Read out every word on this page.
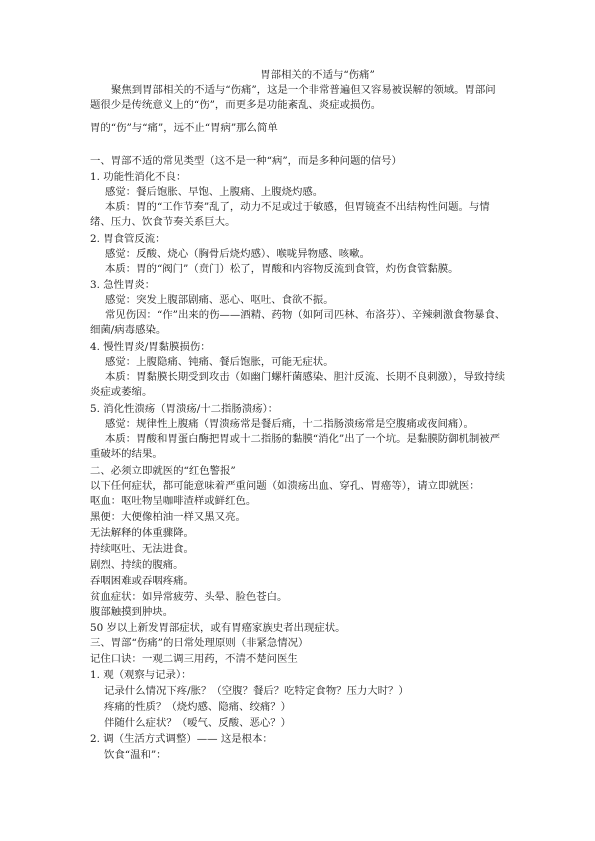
胃部相关的不适与“伤痛”
聚焦到胃部相关的不适与“伤痛”，这是一个非常普遍但又容易被误解的领域。胃部问题很少是传统意义上的“伤”，而更多是功能紊乱、炎症或损伤。
胃的“伤”与“痛”，远不止“胃病”那么简单
一、胃部不适的常见类型（这不是一种“病”，而是多种问题的信号）
1. 功能性消化不良：
感觉：餐后饱胀、早饱、上腹痛、上腹烧灼感。
本质：胃的“工作节奏”乱了，动力不足或过于敏感，但胃镜查不出结构性问题。与情绪、压力、饮食节奏关系巨大。
2. 胃食管反流：
感觉：反酸、烧心（胸骨后烧灼感）、喉咙异物感、咳嗽。
本质：胃的“阀门”（贲门）松了，胃酸和内容物反流到食管，灼伤食管黏膜。
3. 急性胃炎：
感觉：突发上腹部剧痛、恶心、呕吐、食欲不振。
常见伤因：“作”出来的伤——酒精、药物（如阿司匹林、布洛芬）、辛辣刺激食物暴食、细菌/病毒感染。
4. 慢性胃炎/胃黏膜损伤：
感觉：上腹隐痛、钝痛、餐后饱胀，可能无症状。
本质：胃黏膜长期受到攻击（如幽门螺杆菌感染、胆汁反流、长期不良刺激），导致持续炎症或萎缩。
5. 消化性溃疡（胃溃疡/十二指肠溃疡）：
感觉：规律性上腹痛（胃溃疡常是餐后痛，十二指肠溃疡常是空腹痛或夜间痛）。
本质：胃酸和胃蛋白酶把胃或十二指肠的黏膜“消化”出了一个坑。是黏膜防御机制被严重破坏的结果。
二、必须立即就医的“红色警报”
以下任何症状，都可能意味着严重问题（如溃疡出血、穿孔、胃癌等），请立即就医：
呕血：呕吐物呈咖啡渣样或鲜红色。
黑便：大便像柏油一样又黑又亮。
无法解释的体重骤降。
持续呕吐、无法进食。
剧烈、持续的腹痛。
吞咽困难或吞咽疼痛。
贫血症状：如异常疲劳、头晕、脸色苍白。
腹部触摸到肿块。
50 岁以上新发胃部症状，或有胃癌家族史者出现症状。
三、胃部“伤痛”的日常处理原则（非紧急情况）
记住口诀：一观二调三用药，不清不楚问医生
1. 观（观察与记录）：
记录什么情况下疼/胀？（空腹？餐后？吃特定食物？压力大时？）
疼痛的性质？（烧灼感、隐痛、绞痛？）
伴随什么症状？（嗳气、反酸、恶心？）
2. 调（生活方式调整）—— 这是根本：
饮食“温和”：
